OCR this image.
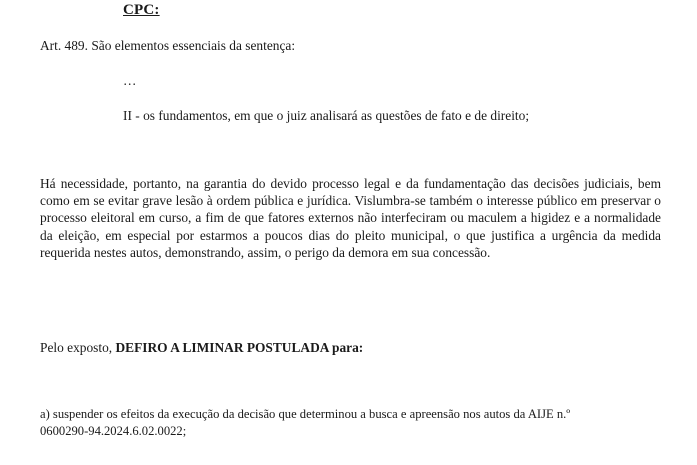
CPC:
Art. 489. São elementos essenciais da sentença:
…
II - os fundamentos, em que o juiz analisará as questões de fato e de direito;
Há necessidade, portanto, na garantia do devido processo legal e da fundamentação das decisões judiciais, bem como em se evitar grave lesão à ordem pública e jurídica. Vislumbra-se também o interesse público em preservar o processo eleitoral em curso, a fim de que fatores externos não interfeciram ou maculem a higidez e a normalidade da eleição, em especial por estarmos a poucos dias do pleito municipal, o que justifica a urgência da medida requerida nestes autos, demonstrando, assim, o perigo da demora em sua concessão.
Pelo exposto, DEFIRO A LIMINAR POSTULADA para:
a) suspender os efeitos da execução da decisão que determinou a busca e apreensão nos autos da AIJE n.º
0600290-94.2024.6.02.0022;
